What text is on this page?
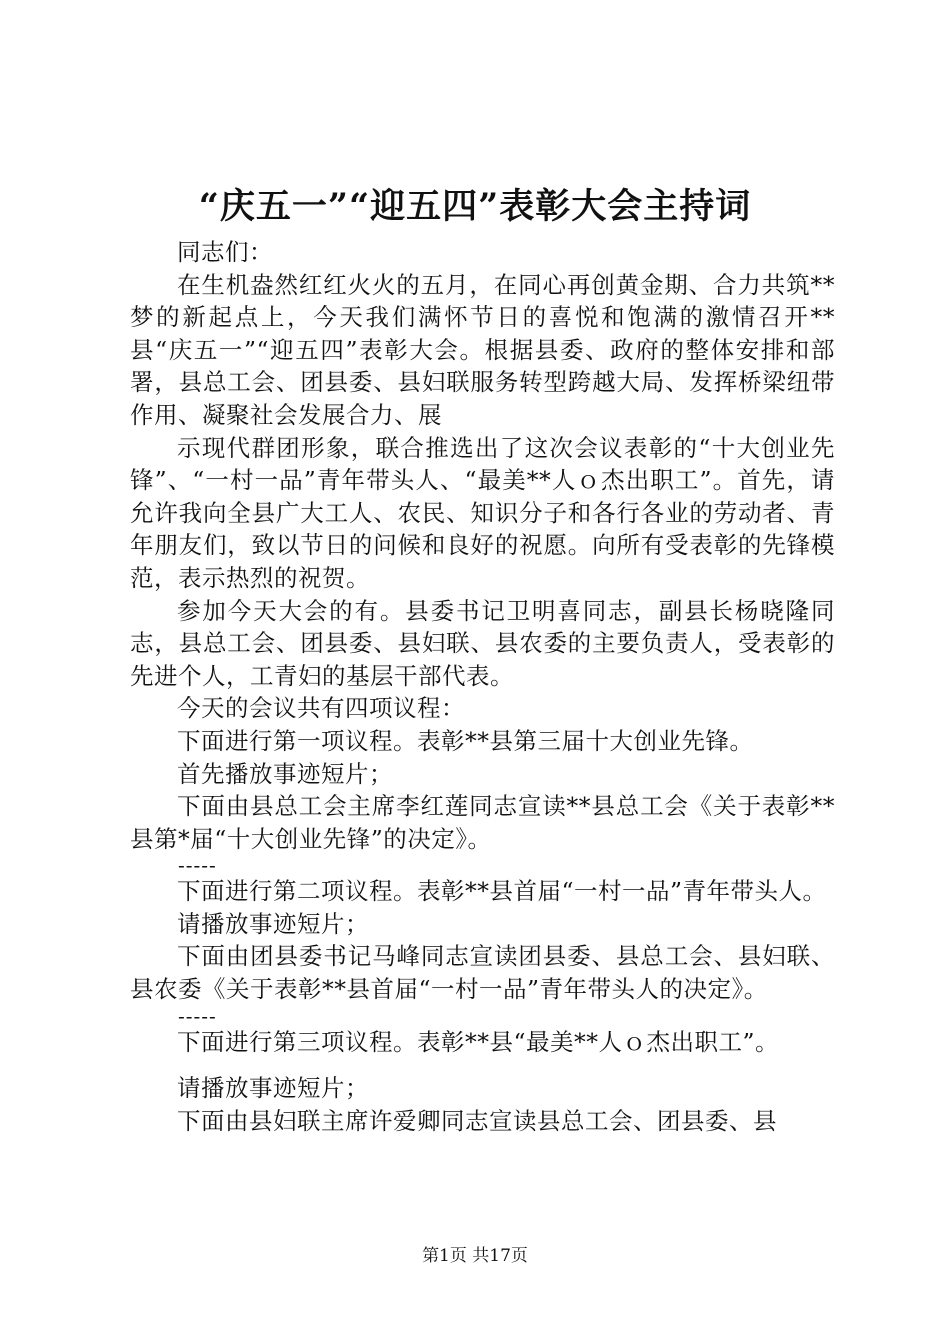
“庆五一”“迎五四”表彰大会主持词

同志们：

在生机盎然红红火火的五月，在同心再创黄金期、合力共筑**梦的新起点上，今天我们满怀节日的喜悦和饱满的激情召开**县“庆五一”“迎五四”表彰大会。根据县委、政府的整体安排和部署，县总工会、团县委、县妇联服务转型跨越大局、发挥桥梁纽带作用、凝聚社会发展合力、展

示现代群团形象，联合推选出了这次会议表彰的“十大创业先锋”、“一村一品”青年带头人、“最美**人ｏ杰出职工”。首先，请允许我向全县广大工人、农民、知识分子和各行各业的劳动者、青年朋友们，致以节日的问候和良好的祝愿。向所有受表彰的先锋模范，表示热烈的祝贺。

参加今天大会的有。县委书记卫明喜同志，副县长杨晓隆同志，县总工会、团县委、县妇联、县农委的主要负责人，受表彰的先进个人，工青妇的基层干部代表。

今天的会议共有四项议程：

下面进行第一项议程。表彰**县第三届十大创业先锋。

首先播放事迹短片；

下面由县总工会主席李红莲同志宣读**县总工会《关于表彰**县第*届“十大创业先锋”的决定》。

-----

下面进行第二项议程。表彰**县首届“一村一品”青年带头人。

请播放事迹短片；

下面由团县委书记马峰同志宣读团县委、县总工会、县妇联、县农委《关于表彰**县首届“一村一品”青年带头人的决定》。

-----

下面进行第三项议程。表彰**县“最美**人ｏ杰出职工”。

请播放事迹短片；

下面由县妇联主席许爱卿同志宣读县总工会、团县委、县

第1页 共17页
